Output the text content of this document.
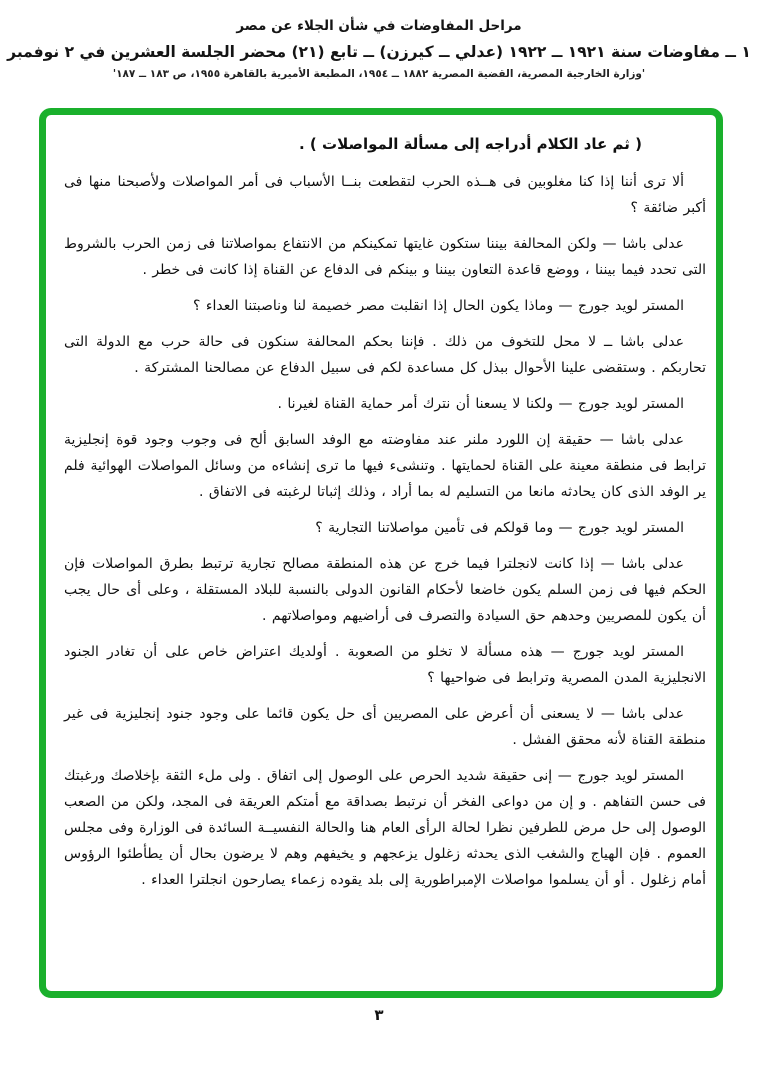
مراحل المفاوضات في شأن الجلاء عن مصر
١ ــ مفاوضات سنة ١٩٢١ ــ ١٩٢٢ (عدلي ــ كيرزن) ــ تابع (٢١) محضر الجلسة العشرين في ٢ نوفمبر
'وزارة الخارجية المصرية، القضية المصرية ١٨٨٢ ــ ١٩٥٤، المطبعة الأميرية بالقاهرة ١٩٥٥، ص ١٨٣ ــ ١٨٧'

( ثم عاد الكلام أدراجه إلى مسألة المواصلات ) .

ألا ترى أننا إذا كنا مغلوبين فى هــذه الحرب لتقطعت بنــا الأسباب فى أمر المواصلات ولأصبحنا منها فى أكبر ضائقة ؟

عدلى باشا — ولكن المحالفة بيننا ستكون غايتها تمكينكم من الانتفاع بمواصلاتنا فى زمن الحرب بالشروط التى تحدد فيما بيننا ، ووضع قاعدة التعاون بيننا و بينكم فى الدفاع عن القناة إذا كانت فى خطر .

المستر لويد جورج — وماذا يكون الحال إذا انقلبت مصر خصيمة لنا وناصبتنا العداء ؟

عدلى باشا ــ لا محل للتخوف من ذلك . فإننا بحكم المحالفة سنكون فى حالة حرب مع الدولة التى تحاربكم . وستقضى علينا الأحوال ببذل كل مساعدة لكم فى سبيل الدفاع عن مصالحنا المشتركة .

المستر لويد جورج — ولكنا لا يسعنا أن نترك أمر حماية القناة لغيرنا .

عدلى باشا — حقيقة إن اللورد ملنر عند مفاوضته مع الوفد السابق ألح فى وجوب وجود قوة إنجليزية ترابط فى منطقة معينة على القناة لحمايتها . وتنشىء فيها ما ترى إنشاءه من وسائل المواصلات الهوائية فلم ير الوفد الذى كان يحادثه مانعا من التسليم له بما أراد ، وذلك إثباتا لرغبته فى الاتفاق .

المستر لويد جورج — وما قولكم فى تأمين مواصلاتنا التجارية ؟

عدلى باشا — إذا كانت لانجلترا فيما خرج عن هذه المنطقة مصالح تجارية ترتبط بطرق المواصلات فإن الحكم فيها فى زمن السلم يكون خاضعا لأحكام القانون الدولى بالنسبة للبلاد المستقلة ، وعلى أى حال يجب أن يكون للمصريين وحدهم حق السيادة والتصرف فى أراضيهم ومواصلاتهم .

المستر لويد جورج — هذه مسألة لا تخلو من الصعوبة . أولديك اعتراض خاص على أن تغادر الجنود الانجليزية المدن المصرية وترابط فى ضواحيها ؟

عدلى باشا — لا يسعنى أن أعرض على المصريين أى حل يكون قائما على وجود جنود إنجليزية فى غير منطقة القناة لأنه محقق الفشل .

المستر لويد جورج — إنى حقيقة شديد الحرص على الوصول إلى اتفاق . ولى ملء الثقة بإخلاصك ورغبتك فى حسن التفاهم . و إن من دواعى الفخر أن نرتبط بصداقة مع أمتكم العريقة فى المجد، ولكن من الصعب الوصول إلى حل مرض للطرفين نظرا لحالة الرأى العام هنا والحالة النفسيــة السائدة فى الوزارة وفى مجلس العموم . فإن الهياج والشغب الذى يحدثه زغلول يزعجهم و يخيفهم وهم لا يرضون بحال أن يطأطئوا الرؤوس أمام زغلول . أو أن يسلموا مواصلات الإمبراطورية إلى بلد يقوده زعماء يصارحون انجلترا العداء .

٣
